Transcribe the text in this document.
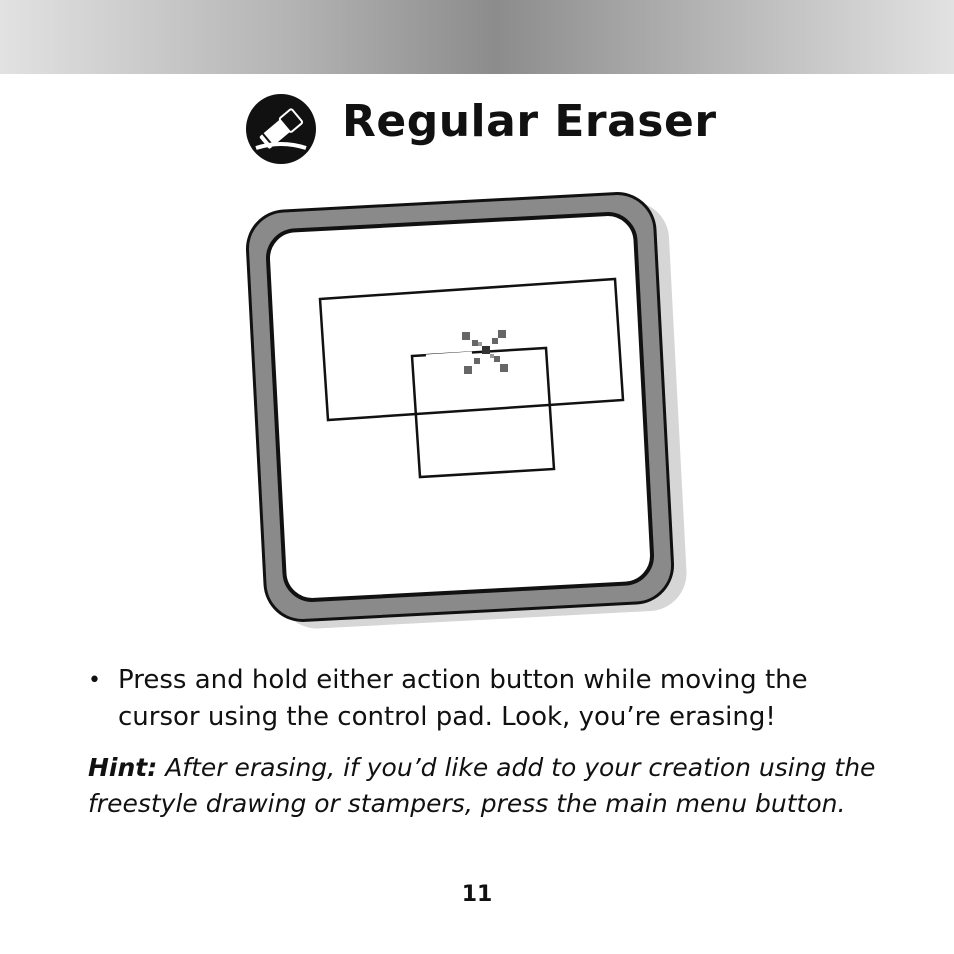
Regular Eraser
• Press and hold either action button while moving the cursor using the control pad. Look, you’re erasing!
Hint: After erasing, if you’d like add to your creation using the freestyle drawing or stampers, press the main menu button.
11
